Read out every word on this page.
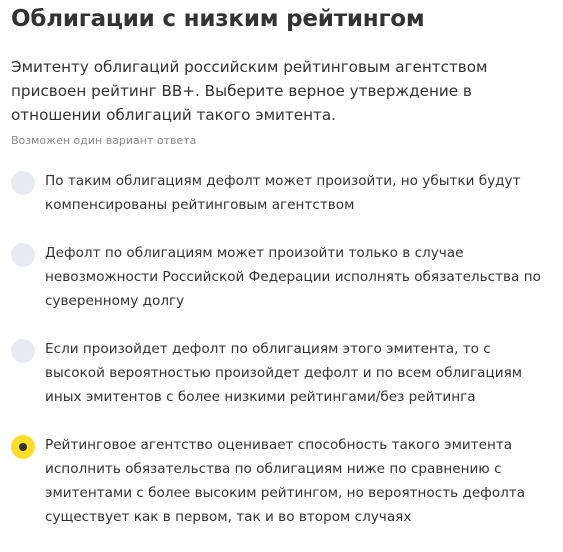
Облигации с низким рейтингом

Эмитенту облигаций российским рейтинговым агентством присвоен рейтинг BB+. Выберите верное утверждение в отношении облигаций такого эмитента.

Возможен один вариант ответа
По таким облигациям дефолт может произойти, но убытки будут компенсированы рейтинговым агентством
Дефолт по облигациям может произойти только в случае невозможности Российской Федерации исполнять обязательства по суверенному долгу
Если произойдет дефолт по облигациям этого эмитента, то с высокой вероятностью произойдет дефолт и по всем облигациям иных эмитентов с более низкими рейтингами/без рейтинга
Рейтинговое агентство оценивает способность такого эмитента исполнить обязательства по облигациям ниже по сравнению с эмитентами с более высоким рейтингом, но вероятность дефолта существует как в первом, так и во втором случаях
